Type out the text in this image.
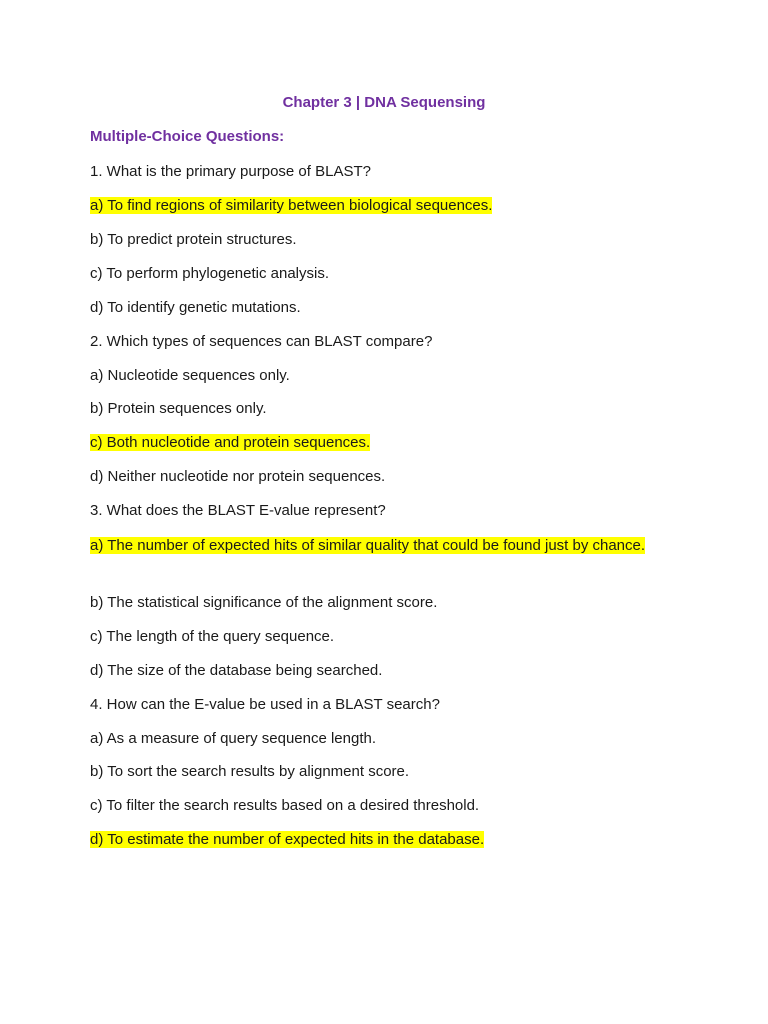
Chapter 3 | DNA Sequensing
Multiple-Choice Questions:
1. What is the primary purpose of BLAST?
a) To find regions of similarity between biological sequences.
b) To predict protein structures.
c) To perform phylogenetic analysis.
d) To identify genetic mutations.
2. Which types of sequences can BLAST compare?
a) Nucleotide sequences only.
b) Protein sequences only.
c) Both nucleotide and protein sequences.
d) Neither nucleotide nor protein sequences.
3. What does the BLAST E-value represent?
a) The number of expected hits of similar quality that could be found just by chance.
b) The statistical significance of the alignment score.
c) The length of the query sequence.
d) The size of the database being searched.
4. How can the E-value be used in a BLAST search?
a) As a measure of query sequence length.
b) To sort the search results by alignment score.
c) To filter the search results based on a desired threshold.
d) To estimate the number of expected hits in the database.
